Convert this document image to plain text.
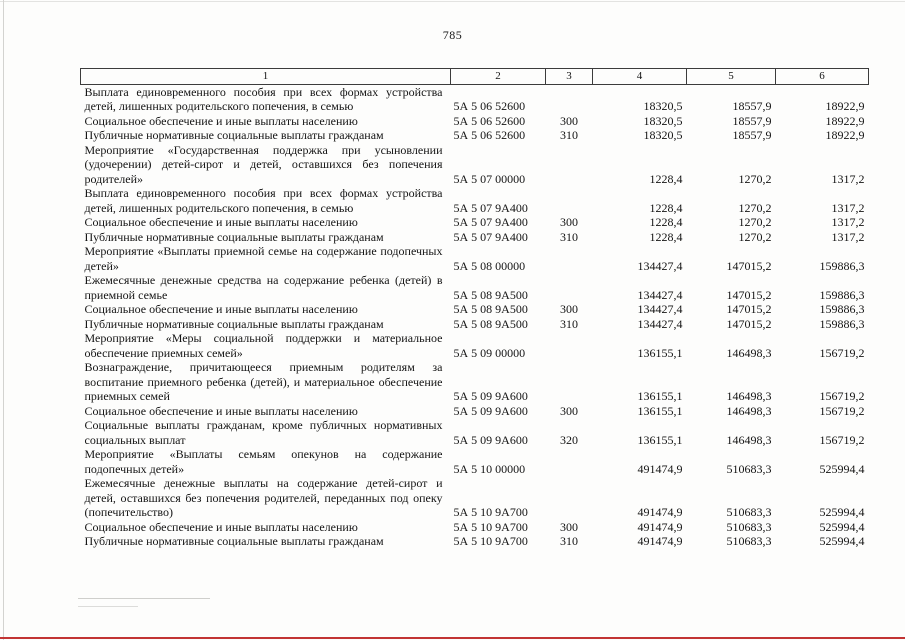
785
1	2	3	4	5	6
Выплата единовременного пособия при всех формах устройства детей, лишенных родительского попечения, в семью	5А 5 06 52600		18320,5	18557,9	18922,9
Социальное обеспечение и иные выплаты населению	5А 5 06 52600	300	18320,5	18557,9	18922,9
Публичные нормативные социальные выплаты гражданам	5А 5 06 52600	310	18320,5	18557,9	18922,9
Мероприятие «Государственная поддержка при усыновлении (удочерении) детей-сирот и детей, оставшихся без попечения родителей»	5А 5 07 00000		1228,4	1270,2	1317,2
Выплата единовременного пособия при всех формах устройства детей, лишенных родительского попечения, в семью	5А 5 07 9А400		1228,4	1270,2	1317,2
Социальное обеспечение и иные выплаты населению	5А 5 07 9А400	300	1228,4	1270,2	1317,2
Публичные нормативные социальные выплаты гражданам	5А 5 07 9А400	310	1228,4	1270,2	1317,2
Мероприятие «Выплаты приемной семье на содержание подопечных детей»	5А 5 08 00000		134427,4	147015,2	159886,3
Ежемесячные денежные средства на содержание ребенка (детей) в приемной семье	5А 5 08 9А500		134427,4	147015,2	159886,3
Социальное обеспечение и иные выплаты населению	5А 5 08 9А500	300	134427,4	147015,2	159886,3
Публичные нормативные социальные выплаты гражданам	5А 5 08 9А500	310	134427,4	147015,2	159886,3
Мероприятие «Меры социальной поддержки и материальное обеспечение приемных семей»	5А 5 09 00000		136155,1	146498,3	156719,2
Вознаграждение, причитающееся приемным родителям за воспитание приемного ребенка (детей), и материальное обеспечение приемных семей	5А 5 09 9А600		136155,1	146498,3	156719,2
Социальное обеспечение и иные выплаты населению	5А 5 09 9А600	300	136155,1	146498,3	156719,2
Социальные выплаты гражданам, кроме публичных нормативных социальных выплат	5А 5 09 9А600	320	136155,1	146498,3	156719,2
Мероприятие «Выплаты семьям опекунов на содержание подопечных детей»	5А 5 10 00000		491474,9	510683,3	525994,4
Ежемесячные денежные выплаты на содержание детей-сирот и детей, оставшихся без попечения родителей, переданных под опеку (попечительство)	5А 5 10 9А700		491474,9	510683,3	525994,4
Социальное обеспечение и иные выплаты населению	5А 5 10 9А700	300	491474,9	510683,3	525994,4
Публичные нормативные социальные выплаты гражданам	5А 5 10 9А700	310	491474,9	510683,3	525994,4
